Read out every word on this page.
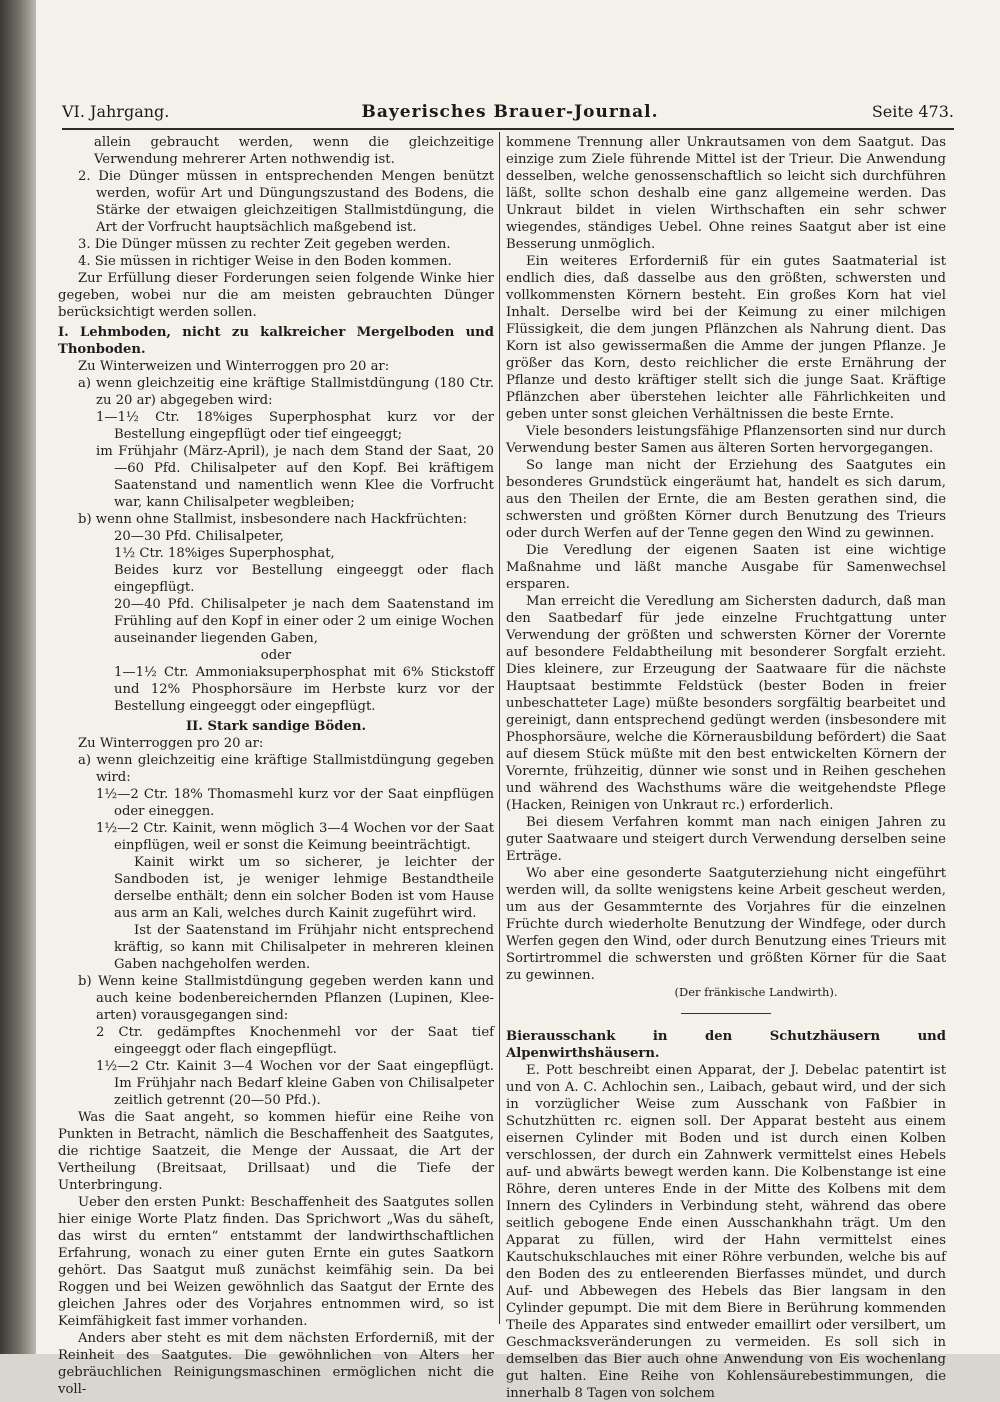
VI. Jahrgang.	Bayerisches Brauer-Journal.	Seite 473.

allein gebraucht werden, wenn die gleichzeitige Verwendung mehrerer Arten nothwendig ist.

2. Die Dünger müssen in entsprechenden Mengen benützt werden, wofür Art und Düngungszustand des Bodens, die Stärke der etwaigen gleichzeitigen Stallmistdüngung, die Art der Vorfrucht hauptsächlich maßgebend ist.

3. Die Dünger müssen zu rechter Zeit gegeben werden.

4. Sie müssen in richtiger Weise in den Boden kommen.

Zur Erfüllung dieser Forderungen seien folgende Winke hier gegeben, wobei nur die am meisten gebrauchten Dünger berücksichtigt werden sollen.

I. Lehmboden, nicht zu kalkreicher Mergelboden und Thonboden.

Zu Winterweizen und Winterroggen pro 20 ar:

a) wenn gleichzeitig eine kräftige Stallmistdüngung (180 Ctr. zu 20 ar) abgegeben wird:

1—1½ Ctr. 18%iges Superphosphat kurz vor der Bestellung eingepflügt oder tief eingeeggt;

im Frühjahr (März-April), je nach dem Stand der Saat, 20—60 Pfd. Chilisalpeter auf den Kopf. Bei kräftigem Saatenstand und namentlich wenn Klee die Vorfrucht war, kann Chilisalpeter wegbleiben;

b) wenn ohne Stallmist, insbesondere nach Hackfrüchten:

20—30 Pfd. Chilisalpeter,

1½ Ctr. 18%iges Superphosphat,

Beides kurz vor Bestellung eingeeggt oder flach eingepflügt.

20—40 Pfd. Chilisalpeter je nach dem Saatenstand im Frühling auf den Kopf in einer oder 2 um einige Wochen auseinander liegenden Gaben,

oder

1—1½ Ctr. Ammoniaksuperphosphat mit 6% Stickstoff und 12% Phosphorsäure im Herbste kurz vor der Bestellung eingeeggt oder eingepflügt.

II. Stark sandige Böden.

Zu Winterroggen pro 20 ar:

a) wenn gleichzeitig eine kräftige Stallmistdüngung gegeben wird:

1½—2 Ctr. 18% Thomasmehl kurz vor der Saat einpflügen oder eineggen.

1½—2 Ctr. Kainit, wenn möglich 3—4 Wochen vor der Saat einpflügen, weil er sonst die Keimung beeinträchtigt.

Kainit wirkt um so sicherer, je leichter der Sandboden ist, je weniger lehmige Bestandtheile derselbe enthält; denn ein solcher Boden ist vom Hause aus arm an Kali, welches durch Kainit zugeführt wird.

Ist der Saatenstand im Frühjahr nicht entsprechend kräftig, so kann mit Chilisalpeter in mehreren kleinen Gaben nachgeholfen werden.

b) Wenn keine Stallmistdüngung gegeben werden kann und auch keine bodenbereichernden Pflanzen (Lupinen, Klee-arten) vorausgegangen sind:

2 Ctr. gedämpftes Knochenmehl vor der Saat tief eingeeggt oder flach eingepflügt.

1½—2 Ctr. Kainit 3—4 Wochen vor der Saat eingepflügt. Im Frühjahr nach Bedarf kleine Gaben von Chilisalpeter zeitlich getrennt (20—50 Pfd.).

Was die Saat angeht, so kommen hiefür eine Reihe von Punkten in Betracht, nämlich die Beschaffenheit des Saatgutes, die richtige Saatzeit, die Menge der Aussaat, die Art der Vertheilung (Breitsaat, Drillsaat) und die Tiefe der Unterbringung.

Ueber den ersten Punkt: Beschaffenheit des Saatgutes sollen hier einige Worte Platz finden. Das Sprichwort „Was du säheſt, das wirst du ernten“ entstammt der landwirthschaftlichen Erfahrung, wonach zu einer guten Ernte ein gutes Saatkorn gehört. Das Saatgut muß zunächst keimfähig sein. Da bei Roggen und bei Weizen gewöhnlich das Saatgut der Ernte des gleichen Jahres oder des Vorjahres entnommen wird, so ist Keimfähigkeit fast immer vorhanden.

Anders aber steht es mit dem nächsten Erforderniß, mit der Reinheit des Saatgutes. Die gewöhnlichen von Alters her gebräuchlichen Reinigungsmaschinen ermöglichen nicht die voll-

kommene Trennung aller Unkrautsamen von dem Saatgut. Das einzige zum Ziele führende Mittel ist der Trieur. Die Anwendung desselben, welche genossenschaftlich so leicht sich durchführen läßt, sollte schon deshalb eine ganz allgemeine werden. Das Unkraut bildet in vielen Wirthschaften ein sehr schwer wiegendes, ständiges Uebel. Ohne reines Saatgut aber ist eine Besserung unmöglich.

Ein weiteres Erforderniß für ein gutes Saatmaterial ist endlich dies, daß dasselbe aus den größten, schwersten und vollkommensten Körnern besteht. Ein großes Korn hat viel Inhalt. Derselbe wird bei der Keimung zu einer milchigen Flüssigkeit, die dem jungen Pflänzchen als Nahrung dient. Das Korn ist also gewissermaßen die Amme der jungen Pflanze. Je größer das Korn, desto reichlicher die erste Ernährung der Pflanze und desto kräftiger stellt sich die junge Saat. Kräftige Pflänzchen aber überstehen leichter alle Fährlichkeiten und geben unter sonst gleichen Verhältnissen die beste Ernte.

Viele besonders leistungsfähige Pflanzensorten sind nur durch Verwendung bester Samen aus älteren Sorten hervorgegangen.

So lange man nicht der Erziehung des Saatgutes ein besonderes Grundstück eingeräumt hat, handelt es sich darum, aus den Theilen der Ernte, die am Besten gerathen sind, die schwersten und größten Körner durch Benutzung des Trieurs oder durch Werfen auf der Tenne gegen den Wind zu gewinnen.

Die Veredlung der eigenen Saaten ist eine wichtige Maßnahme und läßt manche Ausgabe für Samenwechsel ersparen.

Man erreicht die Veredlung am Sichersten dadurch, daß man den Saatbedarf für jede einzelne Fruchtgattung unter Verwendung der größten und schwersten Körner der Vorernte auf besondere Feldabtheilung mit besonderer Sorgfalt erzieht. Dies kleinere, zur Erzeugung der Saatwaare für die nächste Hauptsaat bestimmte Feldstück (bester Boden in freier unbeschatteter Lage) müßte besonders sorgfältig bearbeitet und gereinigt, dann entsprechend gedüngt werden (insbesondere mit Phosphorsäure, welche die Körnerausbildung befördert) die Saat auf diesem Stück müßte mit den best entwickelten Körnern der Vorernte, frühzeitig, dünner wie sonst und in Reihen geschehen und während des Wachsthums wäre die weitgehendste Pflege (Hacken, Reinigen von Unkraut rc.) erforderlich.

Bei diesem Verfahren kommt man nach einigen Jahren zu guter Saatwaare und steigert durch Verwendung derselben seine Erträge.

Wo aber eine gesonderte Saatguterziehung nicht eingeführt werden will, da sollte wenigstens keine Arbeit gescheut werden, um aus der Gesammternte des Vorjahres für die einzelnen Früchte durch wiederholte Benutzung der Windfege, oder durch Werfen gegen den Wind, oder durch Benutzung eines Trieurs mit Sortirtrommel die schwersten und größten Körner für die Saat zu gewinnen.

(Der fränkische Landwirth).

Bierausschank in den Schutzhäusern und Alpenwirthshäusern.

E. Pott beschreibt einen Apparat, der J. Debelac patentirt ist und von A. C. Achlochin sen., Laibach, gebaut wird, und der sich in vorzüglicher Weise zum Ausschank von Faßbier in Schutzhütten rc. eignen soll. Der Apparat besteht aus einem eisernen Cylinder mit Boden und ist durch einen Kolben verschlossen, der durch ein Zahnwerk vermittelst eines Hebels auf- und abwärts bewegt werden kann. Die Kolbenstange ist eine Röhre, deren unteres Ende in der Mitte des Kolbens mit dem Innern des Cylinders in Verbindung steht, während das obere seitlich gebogene Ende einen Ausschankhahn trägt. Um den Apparat zu füllen, wird der Hahn vermittelst eines Kautschukschlauches mit einer Röhre verbunden, welche bis auf den Boden des zu entleerenden Bierfasses mündet, und durch Auf- und Abbewegen des Hebels das Bier langsam in den Cylinder gepumpt. Die mit dem Biere in Berührung kommenden Theile des Apparates sind entweder emaillirt oder versilbert, um Geschmacksveränderungen zu vermeiden. Es soll sich in demselben das Bier auch ohne Anwendung von Eis wochenlang gut halten. Eine Reihe von Kohlensäurebestimmungen, die innerhalb 8 Tagen von solchem
